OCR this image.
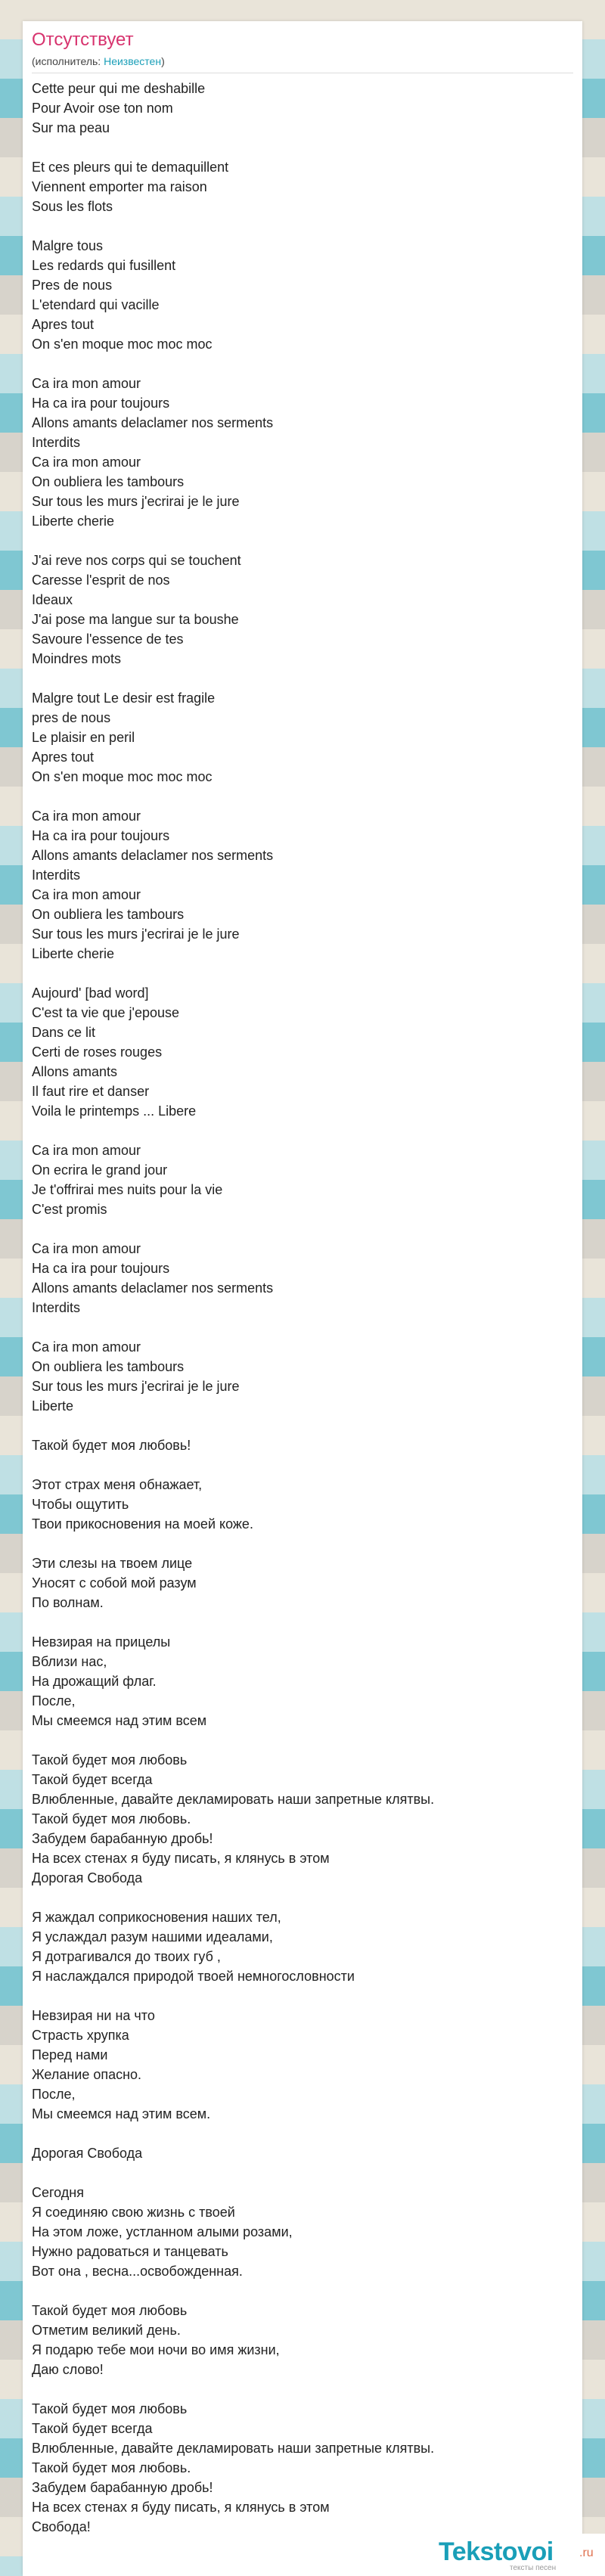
Отсутствует
(исполнитель: Неизвестен)
Cette peur qui me deshabille
Pour Avoir ose ton nom
Sur ma peau
Et ces pleurs qui te demaquillent
Viennent emporter ma raison
Sous les flots
Malgre tous
Les redards qui fusillent
Pres de nous
L'etendard qui vacille
Apres tout
On s'en moque moc moc moc
Ca ira mon amour
Ha ca ira pour toujours
Allons amants delaclamer nos serments
Interdits
Ca ira mon amour
On oubliera les tambours
Sur tous les murs j'ecrirai je le jure
Liberte cherie
J'ai reve nos corps qui se touchent
Caresse l'esprit de nos
Ideaux
J'ai pose ma langue sur ta boushe
Savoure l'essence de tes
Moindres mots
Malgre tout Le desir est fragile
pres de nous
Le plaisir en peril
Apres tout
On s'en moque moc moc moc
Ca ira mon amour
Ha ca ira pour toujours
Allons amants delaclamer nos serments
Interdits
Ca ira mon amour
On oubliera les tambours
Sur tous les murs j'ecrirai je le jure
Liberte cherie
Aujourd' [bad word]
C'est ta vie que j'epouse
Dans ce lit
Certi de roses rouges
Allons amants
Il faut rire et danser
Voila le printemps ... Libere
Ca ira mon amour
On ecrira le grand jour
Je t'offrirai mes nuits pour la vie
C'est promis
Ca ira mon amour
Ha ca ira pour toujours
Allons amants delaclamer nos serments
Interdits
Ca ira mon amour
On oubliera les tambours
Sur tous les murs j'ecrirai je le jure
Liberte
Такой будет моя любовь!
Этот страх меня обнажает,
Чтобы ощутить
Твои прикосновения на моей коже.
Эти слезы на твоем лице
Уносят с собой мой разум
По волнам.
Невзирая на прицелы
Вблизи нас,
На дрожащий флаг.
После,
Мы смеемся над этим всем
Такой будет моя любовь
Такой будет всегда
Влюбленные, давайте декламировать наши запретные клятвы.
Такой будет моя любовь.
Забудем барабанную дробь!
На всех стенах я буду писать, я клянусь в этом
Дорогая Свобода
Я жаждал соприкосновения наших тел,
Я услаждал разум нашими идеалами,
Я дотрагивался до твоих губ ,
Я наслаждался природой твоей немногословности
Невзирая ни на что
Страсть хрупка
Перед нами
Желание опасно.
После,
Мы смеемся над этим всем.
Дорогая Свобода
Сегодня
Я соединяю свою жизнь с твоей
На этом ложе, устланном алыми розами,
Нужно радоваться и танцевать
Вот она , весна...освобожденная.
Такой будет моя любовь
Отметим великий день.
Я подарю тебе мои ночи во имя жизни,
Даю слово!
Такой будет моя любовь
Такой будет всегда
Влюбленные, давайте декламировать наши запретные клятвы.
Такой будет моя любовь.
Забудем барабанную дробь!
На всех стенах я буду писать, я клянусь в этом
Свобода!
Tekstovoi .ru
тексты песен
